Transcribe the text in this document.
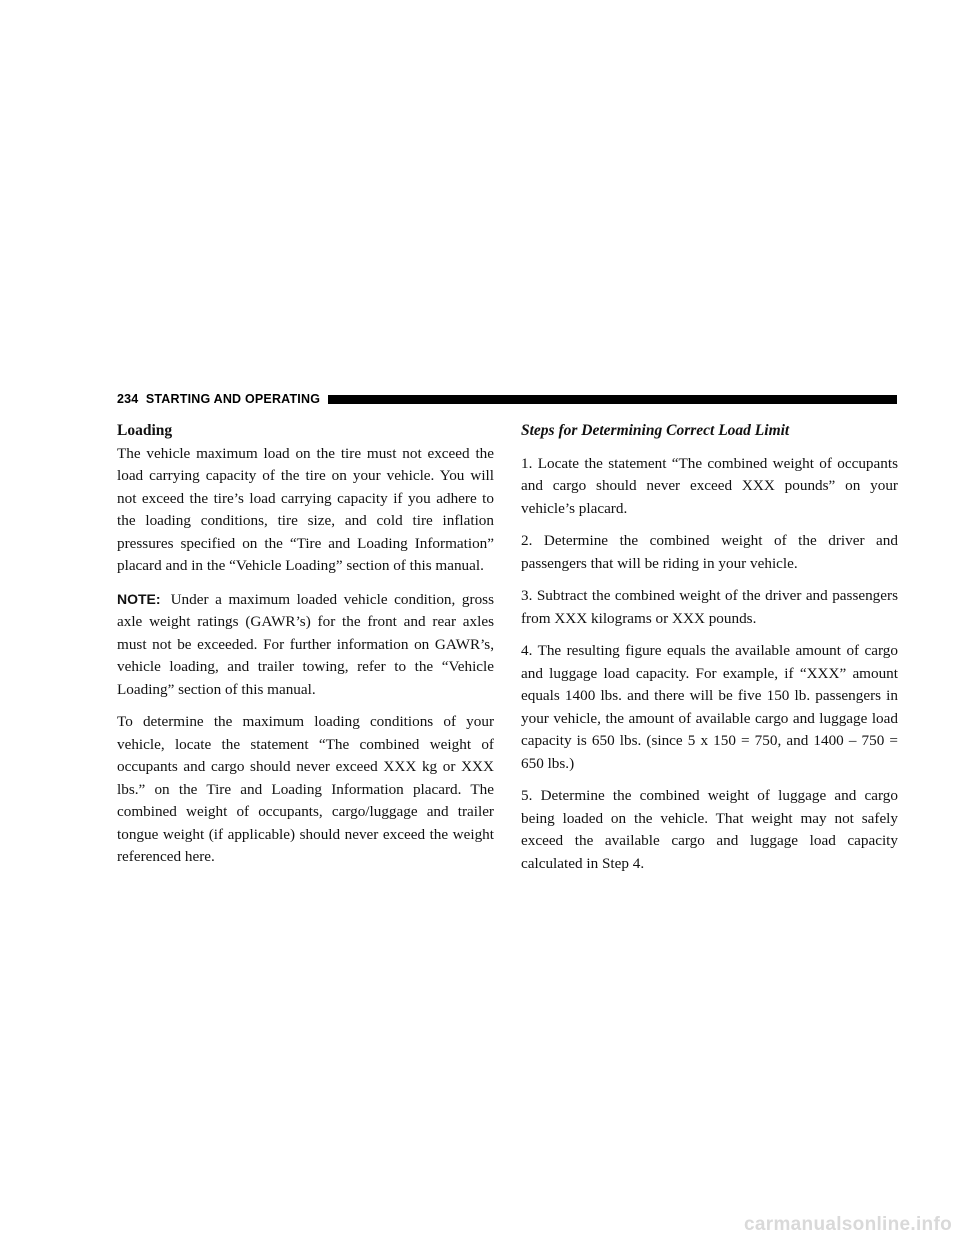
234 STARTING AND OPERATING
Loading

The vehicle maximum load on the tire must not exceed the load carrying capacity of the tire on your vehicle. You will not exceed the tire’s load carrying capacity if you adhere to the loading conditions, tire size, and cold tire inflation pressures specified on the “Tire and Loading Information” placard and in the “Vehicle Loading” section of this manual.

NOTE: Under a maximum loaded vehicle condition, gross axle weight ratings (GAWR’s) for the front and rear axles must not be exceeded. For further information on GAWR’s, vehicle loading, and trailer towing, refer to the “Vehicle Loading” section of this manual.

To determine the maximum loading conditions of your vehicle, locate the statement “The combined weight of occupants and cargo should never exceed XXX kg or XXX lbs.” on the Tire and Loading Information placard. The combined weight of occupants, cargo/luggage and trailer tongue weight (if applicable) should never exceed the weight referenced here.

Steps for Determining Correct Load Limit

1. Locate the statement “The combined weight of occupants and cargo should never exceed XXX pounds” on your vehicle’s placard.

2. Determine the combined weight of the driver and passengers that will be riding in your vehicle.

3. Subtract the combined weight of the driver and passengers from XXX kilograms or XXX pounds.

4. The resulting figure equals the available amount of cargo and luggage load capacity. For example, if “XXX” amount equals 1400 lbs. and there will be five 150 lb. passengers in your vehicle, the amount of available cargo and luggage load capacity is 650 lbs. (since 5 x 150 = 750, and 1400 – 750 = 650 lbs.)

5. Determine the combined weight of luggage and cargo being loaded on the vehicle. That weight may not safely exceed the available cargo and luggage load capacity calculated in Step 4.

carmanualsonline.info
